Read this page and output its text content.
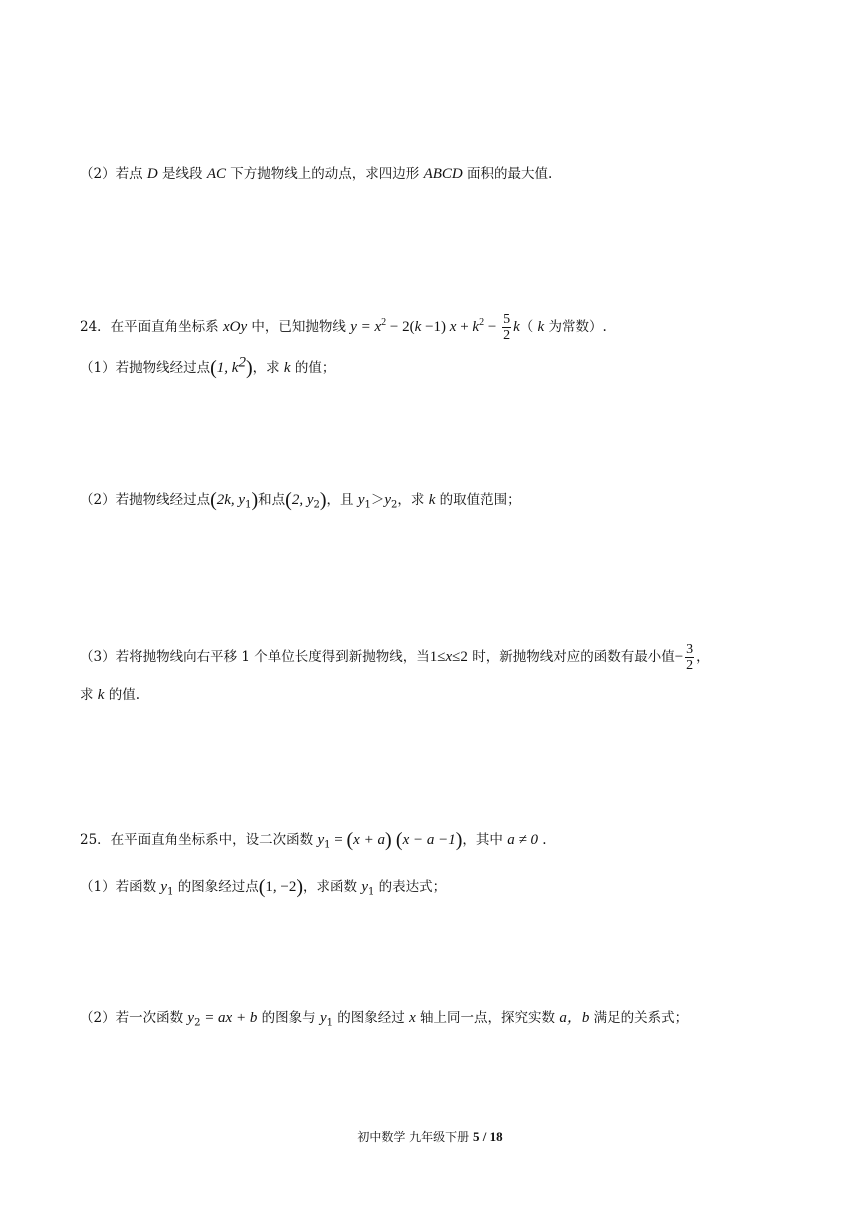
（2）若点 D 是线段 AC 下方抛物线上的动点，求四边形 ABCD 面积的最大值.
24．在平面直角坐标系 xOy 中，已知抛物线 $y = x^2 - 2(k -1) x + k^2 - \frac{5}{2} k$（ k 为常数）.
（1）若抛物线经过点(1, $k^2$)，求 k 的值；
（2）若抛物线经过点(2k, $y_1$)和点(2, $y_2$)，且 $y_1>y_2$，求 k 的取值范围；
（3）若将抛物线向右平移 1 个单位长度得到新抛物线，当1≤x≤2 时，新抛物线对应的函数有最小值− $\frac{3}{2}$ ，
求 k 的值.
25．在平面直角坐标系中，设二次函数 $y_1 = (x + a) (x - a -1)$，其中 a ≠ 0 .
（1）若函数 $y_1$ 的图象经过点(1, −2)，求函数 $y_1$ 的表达式；
（2）若一次函数 $y_2$ = ax + b 的图象与 $y_1$ 的图象经过 x 轴上同一点，探究实数 a，b 满足的关系式；
初中数学 九年级下册 5 / 18
